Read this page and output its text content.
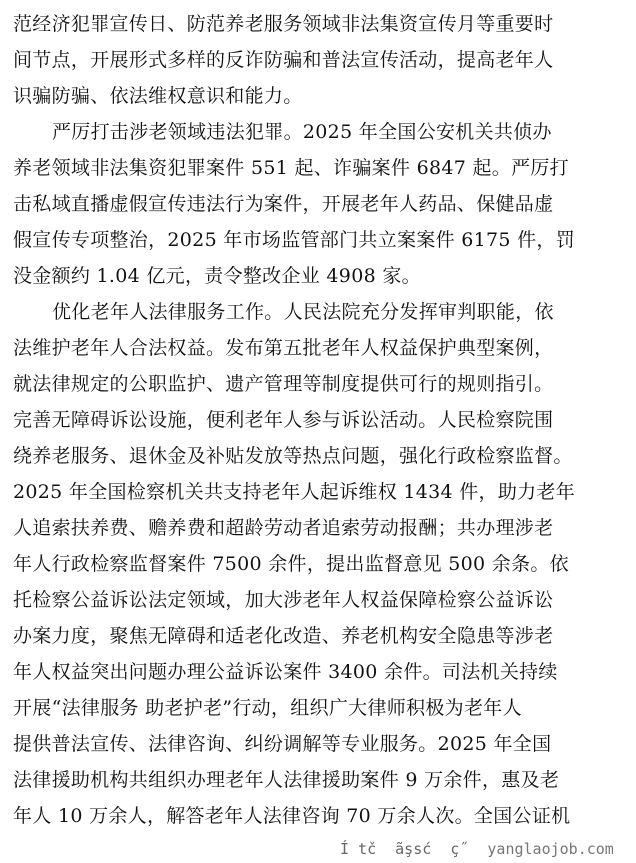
范经济犯罪宣传日、防范养老服务领域非法集资宣传月等重要时
间节点，开展形式多样的反诈防骗和普法宣传活动，提高老年人
识骗防骗、依法维权意识和能力。
严厉打击涉老领域违法犯罪。2025 年全国公安机关共侦办
养老领域非法集资犯罪案件 551 起、诈骗案件 6847 起。严厉打
击私域直播虚假宣传违法行为案件，开展老年人药品、保健品虚
假宣传专项整治，2025 年市场监管部门共立案案件 6175 件，罚
没金额约 1.04 亿元，责令整改企业 4908 家。
优化老年人法律服务工作。人民法院充分发挥审判职能，依
法维护老年人合法权益。发布第五批老年人权益保护典型案例，
就法律规定的公职监护、遗产管理等制度提供可行的规则指引。
完善无障碍诉讼设施，便利老年人参与诉讼活动。人民检察院围
绕养老服务、退休金及补贴发放等热点问题，强化行政检察监督。
2025 年全国检察机关共支持老年人起诉维权 1434 件，助力老年
人追索扶养费、赡养费和超龄劳动者追索劳动报酬；共办理涉老
年人行政检察监督案件 7500 余件，提出监督意见 500 余条。依
托检察公益诉讼法定领域，加大涉老年人权益保障检察公益诉讼
办案力度，聚焦无障碍和适老化改造、养老机构安全隐患等涉老
年人权益突出问题办理公益诉讼案件 3400 余件。司法机关持续
开展“法律服务 助老护老”行动，组织广大律师积极为老年人
提供普法宣传、法律咨询、纠纷调解等专业服务。2025 年全国
法律援助机构共组织办理老年人法律援助案件 9 万余件，惠及老
年人 10 万余人，解答老年人法律咨询 70 万余人次。全国公证机
Í tč ãşsć ç˝ yanglaojob.com
